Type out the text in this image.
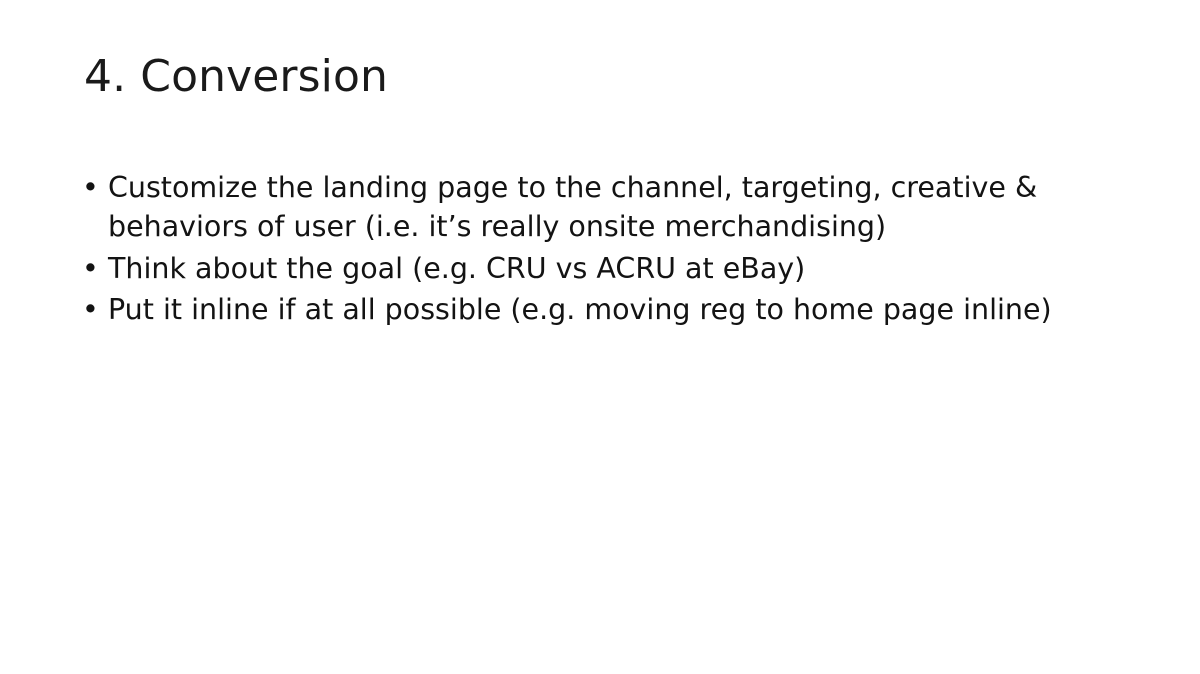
4. Conversion
• Customize the landing page to the channel, targeting, creative & behaviors of user (i.e. it’s really onsite merchandising)
• Think about the goal (e.g. CRU vs ACRU at eBay)
• Put it inline if at all possible (e.g. moving reg to home page inline)
